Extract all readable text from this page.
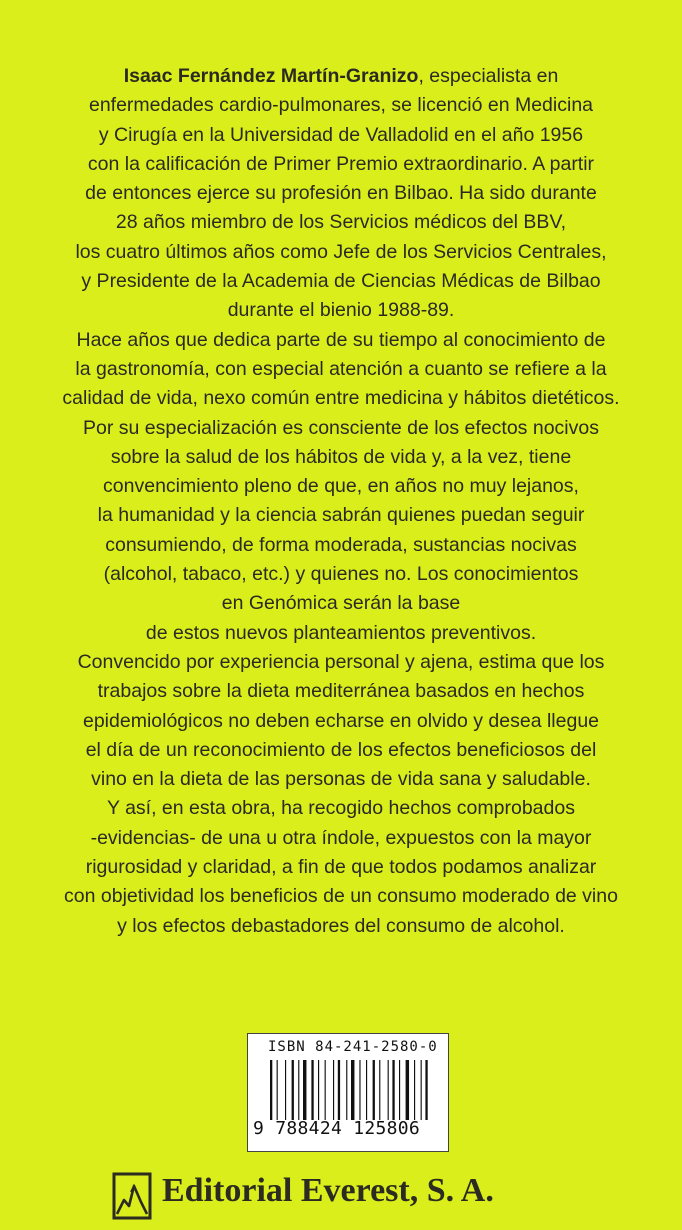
Isaac Fernández Martín-Granizo, especialista en

enfermedades cardio-pulmonares, se licenció en Medicina

y Cirugía en la Universidad de Valladolid en el año 1956

con la calificación de Primer Premio extraordinario. A partir

de entonces ejerce su profesión en Bilbao. Ha sido durante

28 años miembro de los Servicios médicos del BBV,

los cuatro últimos años como Jefe de los Servicios Centrales,

y Presidente de la Academia de Ciencias Médicas de Bilbao

durante el bienio 1988-89.

Hace años que dedica parte de su tiempo al conocimiento de

la gastronomía, con especial atención a cuanto se refiere a la

calidad de vida, nexo común entre medicina y hábitos dietéticos.

Por su especialización es consciente de los efectos nocivos

sobre la salud de los hábitos de vida y, a la vez, tiene

convencimiento pleno de que, en años no muy lejanos,

la humanidad y la ciencia sabrán quienes puedan seguir

consumiendo, de forma moderada, sustancias nocivas

(alcohol, tabaco, etc.) y quienes no. Los conocimientos

en Genómica serán la base

de estos nuevos planteamientos preventivos.

Convencido por experiencia personal y ajena, estima que los

trabajos sobre la dieta mediterránea basados en hechos

epidemiológicos no deben echarse en olvido y desea llegue

el día de un reconocimiento de los efectos beneficiosos del

vino en la dieta de las personas de vida sana y saludable.

Y así, en esta obra, ha recogido hechos comprobados

-evidencias- de una u otra índole, expuestos con la mayor

rigurosidad y claridad, a fin de que todos podamos analizar

con objetividad los beneficios de un consumo moderado de vino

y los efectos debastadores del consumo de alcohol.

ISBN 84-241-2580-0
9 788424 125806
Editorial Everest, S. A.
